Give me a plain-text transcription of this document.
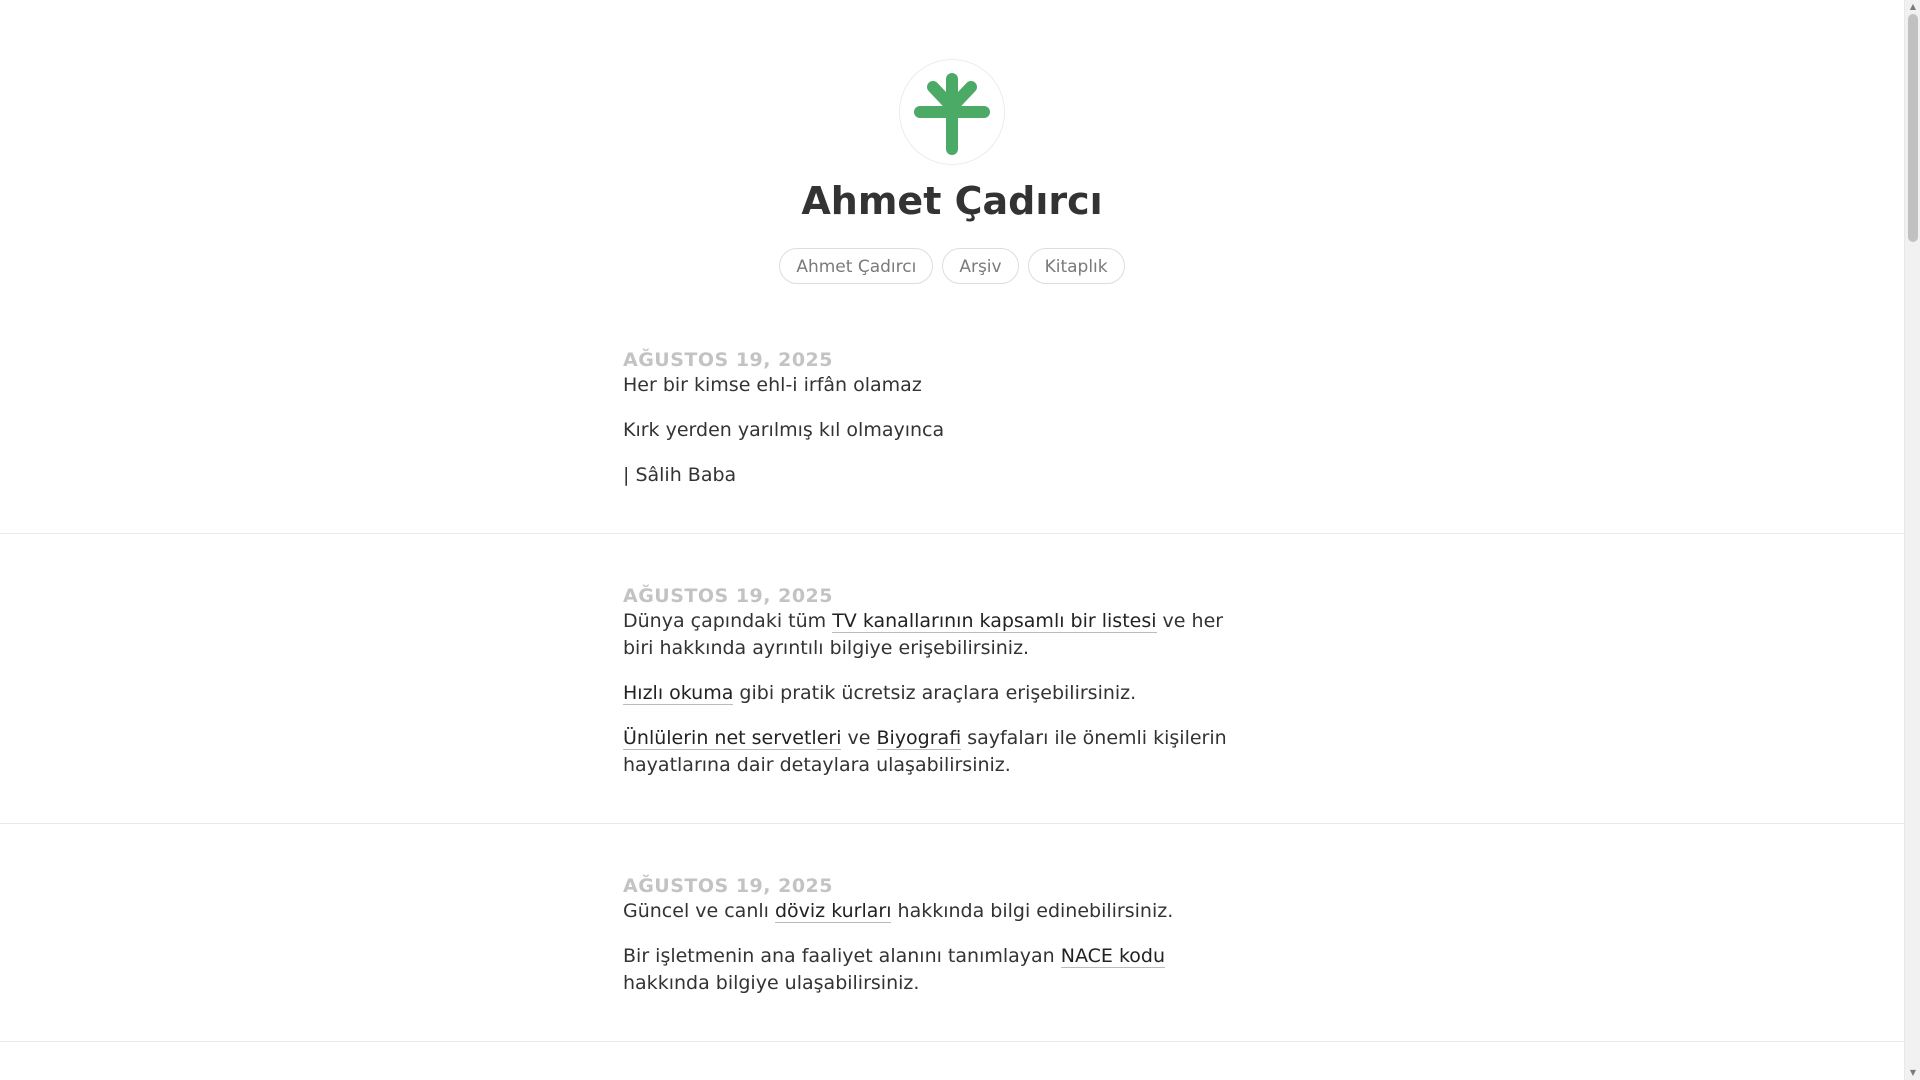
Ahmet Çadırcı
Ahmet Çadırcı	Arşiv	Kitaplık
AĞUSTOS 19, 2025

Her bir kimse ehl-i irfân olamaz

Kırk yerden yarılmış kıl olmayınca

| Sâlih Baba

AĞUSTOS 19, 2025

Dünya çapındaki tüm TV kanallarının kapsamlı bir listesi ve her biri hakkında ayrıntılı bilgiye erişebilirsiniz.

Hızlı okuma gibi pratik ücretsiz araçlara erişebilirsiniz.

Ünlülerin net servetleri ve Biyografi sayfaları ile önemli kişilerin hayatlarına dair detaylara ulaşabilirsiniz.

AĞUSTOS 19, 2025

Güncel ve canlı döviz kurları hakkında bilgi edinebilirsiniz.

Bir işletmenin ana faaliyet alanını tanımlayan NACE kodu hakkında bilgiye ulaşabilirsiniz.

▲
▼
